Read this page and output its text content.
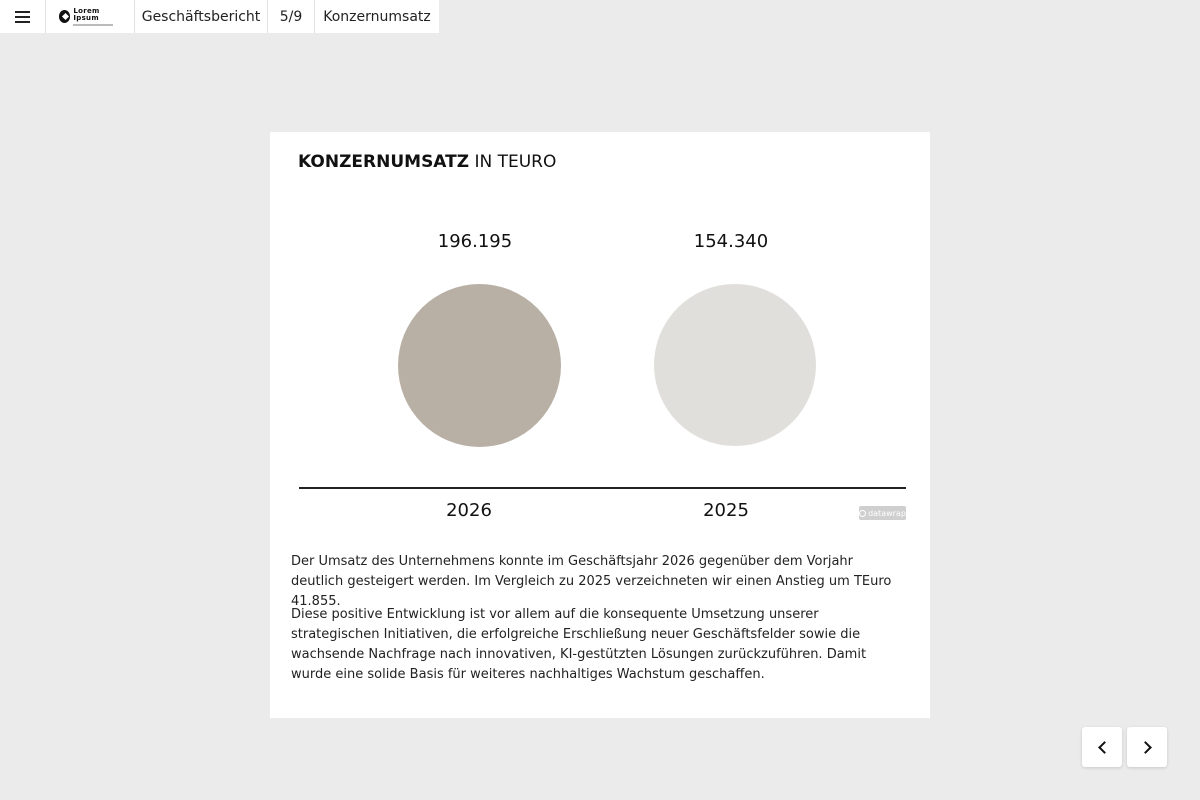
Lorem Ipsum	Geschäftsbericht	5/9	Konzernumsatz
KONZERNUMSATZ IN TEURO
196.195	154.340
2026	2025	datawrap

Der Umsatz des Unternehmens konnte im Geschäftsjahr 2026 gegenüber dem Vorjahr deutlich gesteigert werden. Im Vergleich zu 2025 verzeichneten wir einen Anstieg um TEuro 41.855.

Diese positive Entwicklung ist vor allem auf die konsequente Umsetzung unserer strategischen Initiativen, die erfolgreiche Erschließung neuer Geschäftsfelder sowie die wachsende Nachfrage nach innovativen, KI-gestützten Lösungen zurückzuführen. Damit wurde eine solide Basis für weiteres nachhaltiges Wachstum geschaffen.
